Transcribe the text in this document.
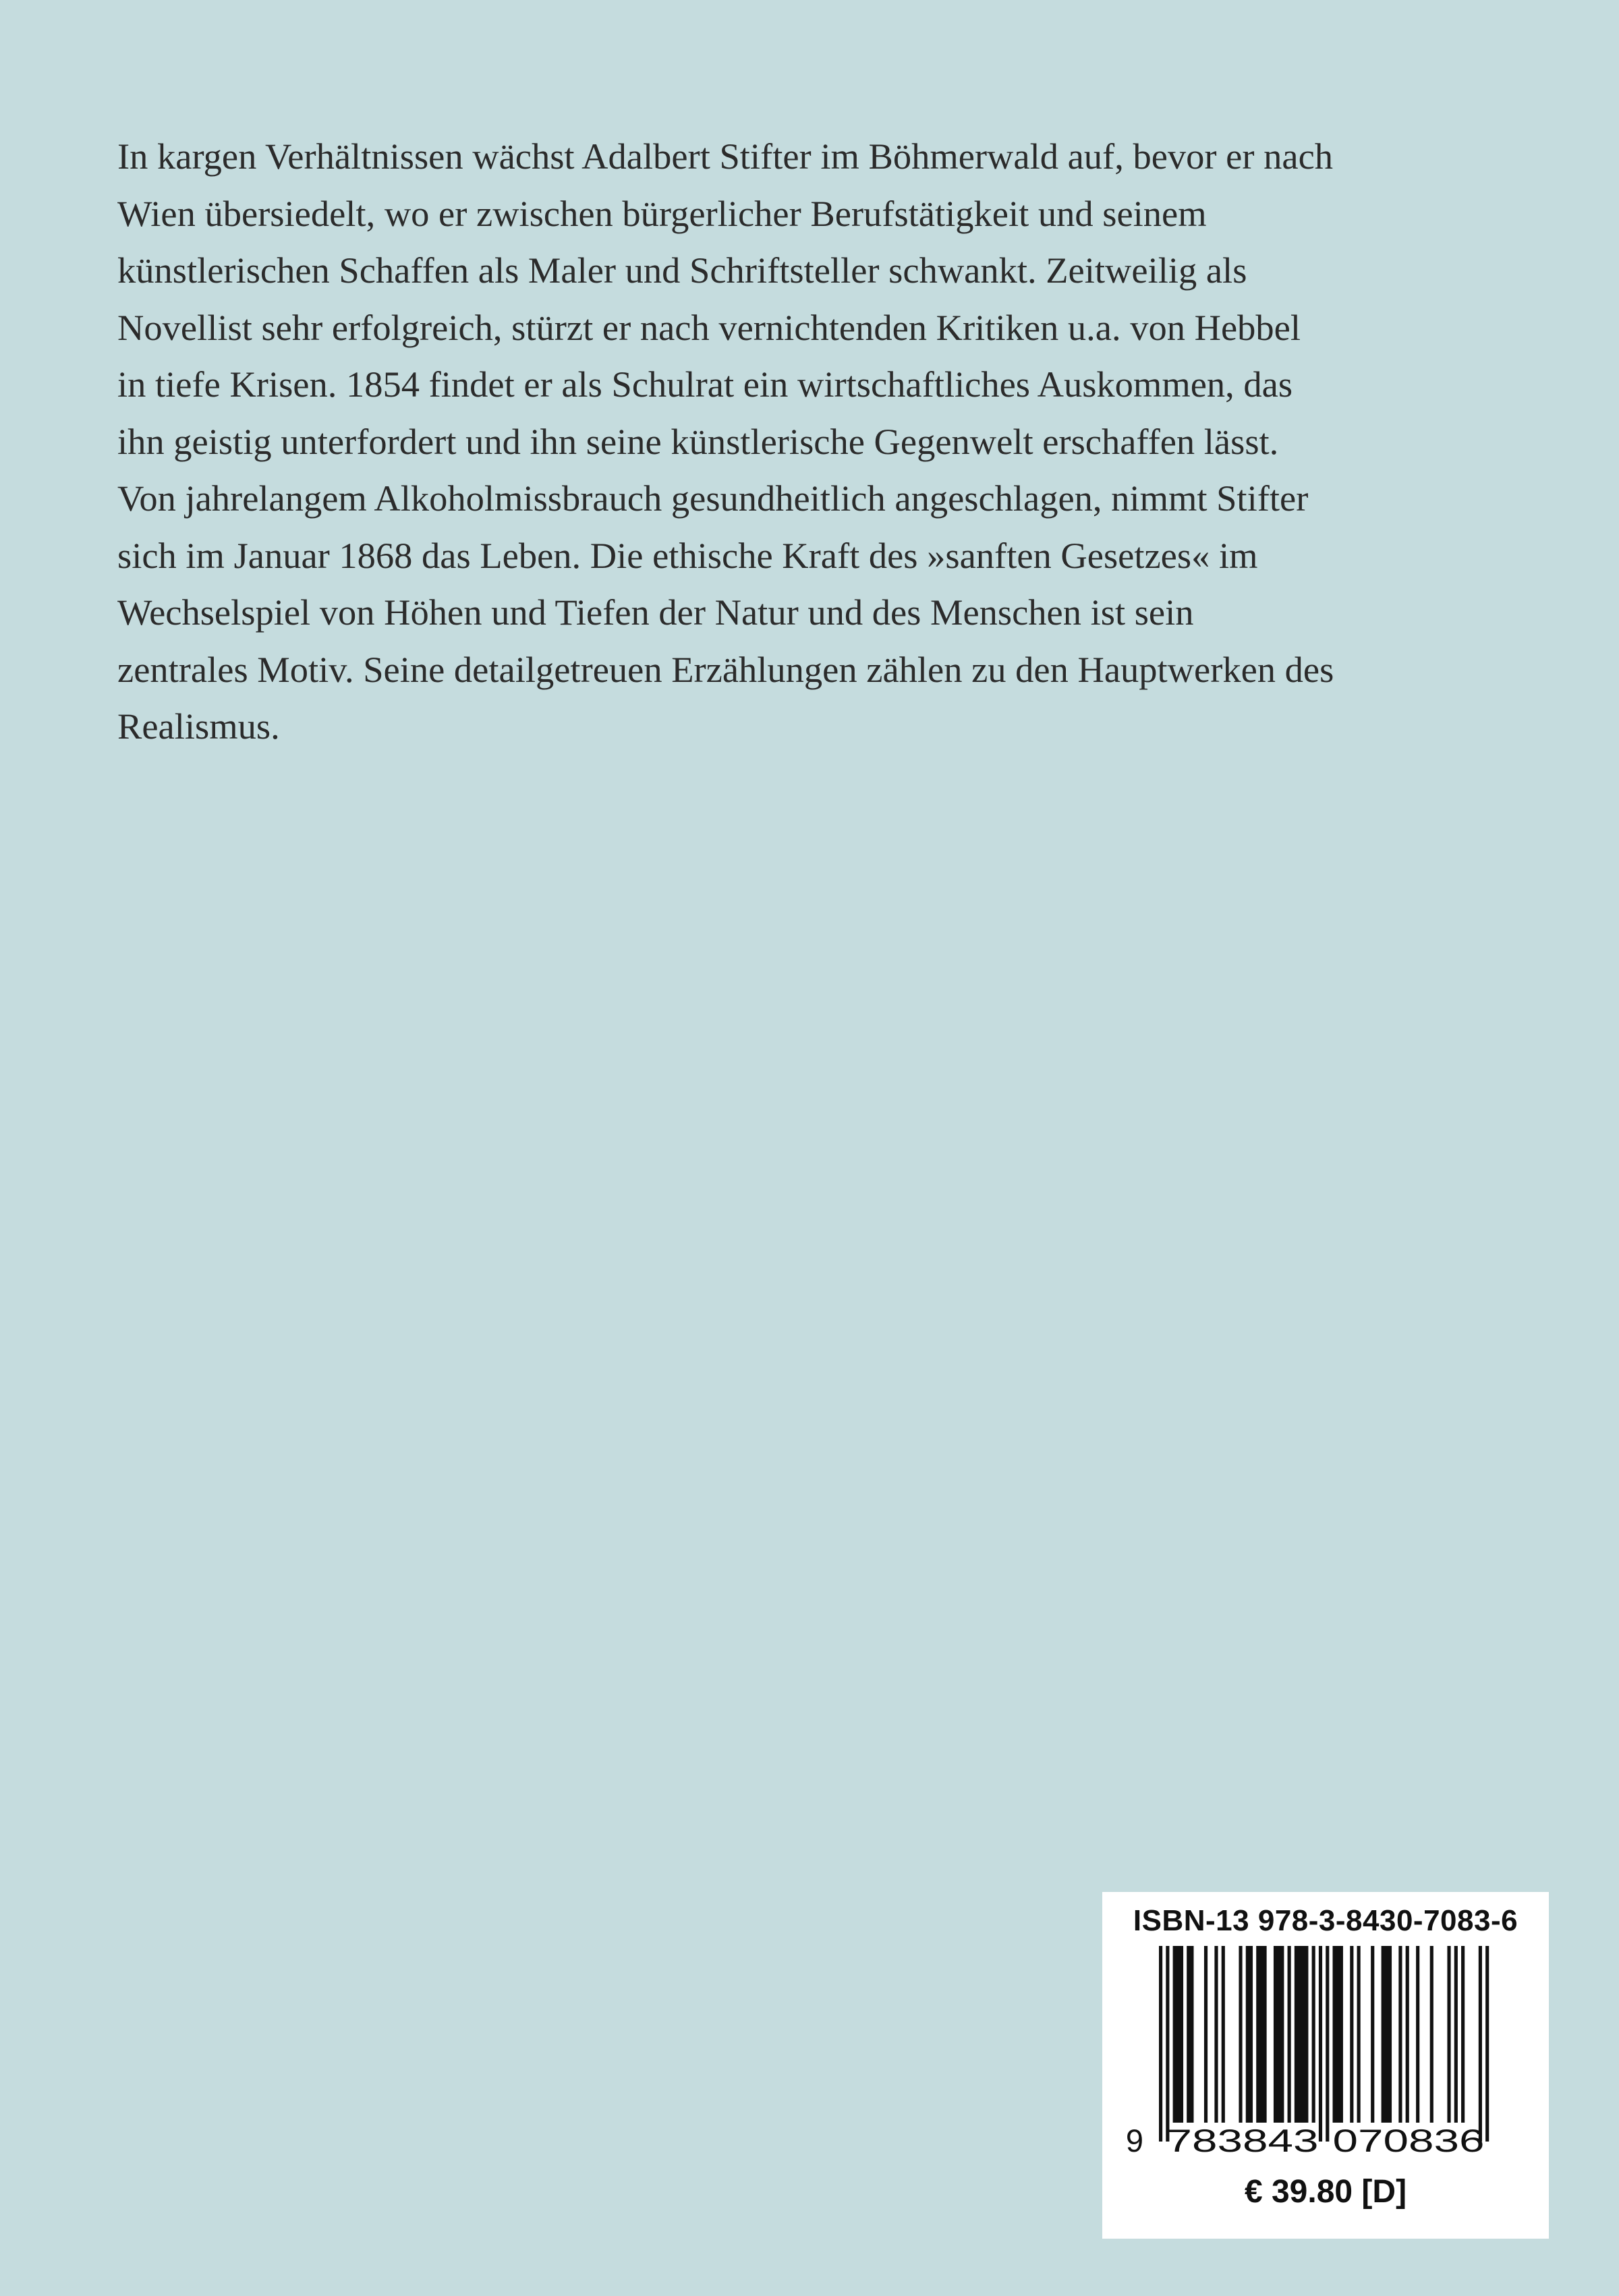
In kargen Verhältnissen wächst Adalbert Stifter im Böhmerwald auf, bevor er nach
Wien übersiedelt, wo er zwischen bürgerlicher Berufstätigkeit und seinem
künstlerischen Schaffen als Maler und Schriftsteller schwankt. Zeitweilig als
Novellist sehr erfolgreich, stürzt er nach vernichtenden Kritiken u.a. von Hebbel
in tiefe Krisen. 1854 findet er als Schulrat ein wirtschaftliches Auskommen, das
ihn geistig unterfordert und ihn seine künstlerische Gegenwelt erschaffen lässt.
Von jahrelangem Alkoholmissbrauch gesundheitlich angeschlagen, nimmt Stifter
sich im Januar 1868 das Leben. Die ethische Kraft des »sanften Gesetzes« im
Wechselspiel von Höhen und Tiefen der Natur und des Menschen ist sein
zentrales Motiv. Seine detailgetreuen Erzählungen zählen zu den Hauptwerken des
Realismus.
ISBN-13 978-3-8430-7083-6
9 783843 070836
€ 39.80 [D]
